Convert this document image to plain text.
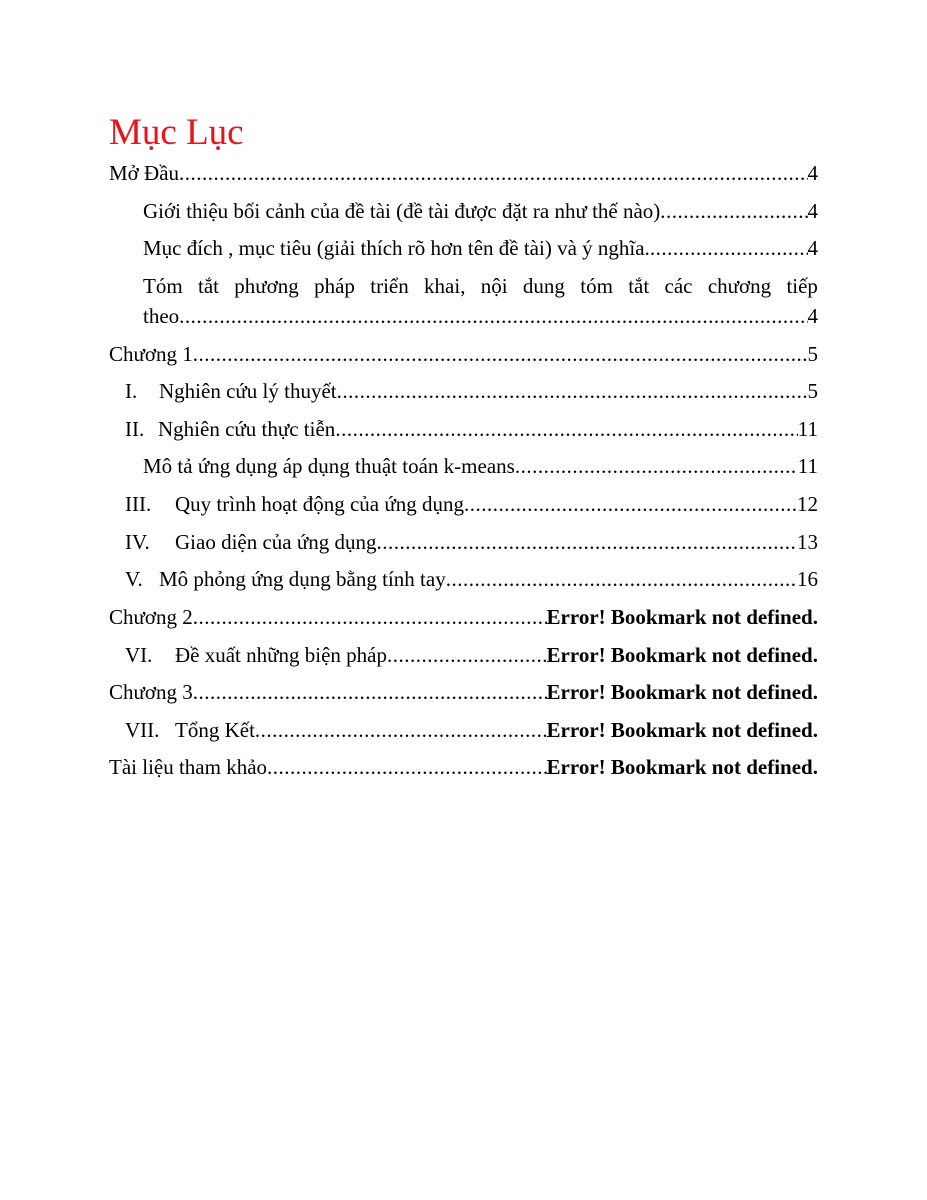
Mục Lục
Mở Đầu .....	4
Giới thiệu bối cảnh của đề tài (đề tài được đặt ra như thế nào) .....	4
Mục đích , mục tiêu (giải thích rõ hơn tên đề tài) và ý nghĩa. .....	4
Tóm tắt phương pháp triển khai, nội dung tóm tắt các chương tiếp
theo .....	4
Chương 1 .....	5
I.	Nghiên cứu lý thuyết .....	5
II. Nghiên cứu thực tiễn .....	11
Mô tả ứng dụng áp dụng thuật toán k-means .....	11
III.	Quy trình hoạt động của ứng dụng .....	12
IV.	Giao diện của ứng dụng .....	13
V. Mô phỏng ứng dụng bằng tính tay .....	16
Chương 2 .....	Error! Bookmark not defined.
VI.	Đề xuất những biện pháp .....	Error! Bookmark not defined.
Chương 3 .....	Error! Bookmark not defined.
VII. Tổng Kết .....	Error! Bookmark not defined.
Tài liệu tham khảo .....	Error! Bookmark not defined.
